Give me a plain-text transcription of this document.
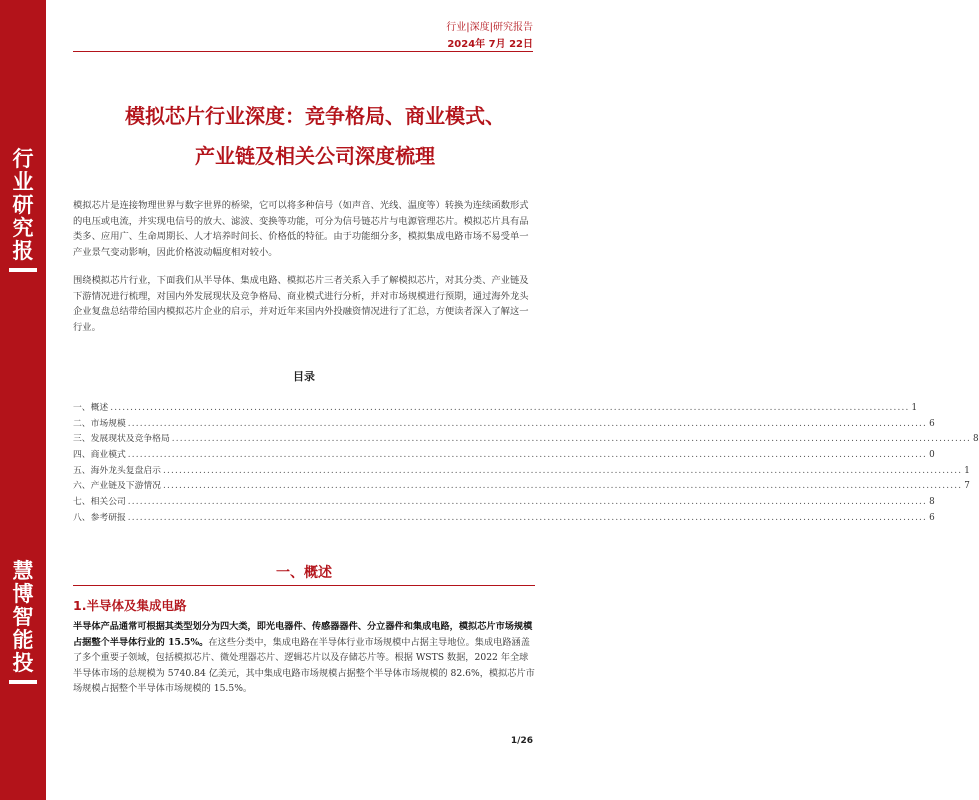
行
业
研
究
报
慧
博
智
能
投
行业|深度|研究报告
2024年 7月 22日
模拟芯片行业深度：竞争格局、商业模式、
产业链及相关公司深度梳理

模拟芯片是连接物理世界与数字世界的桥梁，它可以将多种信号（如声音、光线、温度等）转换为连续函数形式的电压或电流，并实现电信号的放大、滤波、变换等功能，可分为信号链芯片与电源管理芯片。模拟芯片具有品类多、应用广、生命周期长、人才培养时间长、价格低的特征。由于功能细分多，模拟集成电路市场不易受单一产业景气变动影响，因此价格波动幅度相对较小。

围绕模拟芯片行业，下面我们从半导体、集成电路、模拟芯片三者关系入手了解模拟芯片，对其分类、产业链及下游情况进行梳理，对国内外发展现状及竞争格局、商业模式进行分析，并对市场规模进行预期，通过海外龙头企业复盘总结带给国内模拟芯片企业的启示，并对近年来国内外投融资情况进行了汇总，方便读者深入了解这一行业。

目录
一、概述 ........................................................................................................................................................................................................ 1
二、市场规模 ........................................................................................................................................................................................................ 6
三、发展现状及竞争格局 ........................................................................................................................................................................................................ 8
四、商业模式 ........................................................................................................................................................................................................ 0
五、海外龙头复盘启示 ........................................................................................................................................................................................................ 1
六、产业链及下游情况 ........................................................................................................................................................................................................ 7
七、相关公司 ........................................................................................................................................................................................................ 8
八、参考研报 ........................................................................................................................................................................................................ 6
一、概述
1.半导体及集成电路

半导体产品通常可根据其类型划分为四大类，即光电器件、传感器器件、分立器件和集成电路，模拟芯片市场规模占据整个半导体行业的 15.5%。在这些分类中，集成电路在半导体行业市场规模中占据主导地位。集成电路涵盖了多个重要子领域，包括模拟芯片、微处理器芯片、逻辑芯片以及存储芯片等。根据 WSTS 数据，2022 年全球半导体市场的总规模为 5740.84 亿美元，其中集成电路市场规模占据整个半导体市场规模的 82.6%，模拟芯片市场规模占据整个半导体市场规模的 15.5%。

1/26
